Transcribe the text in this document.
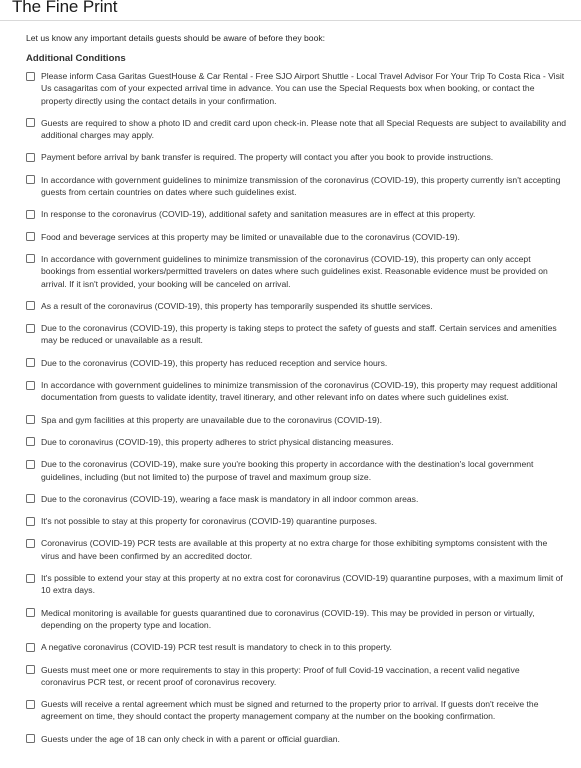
The Fine Print

Let us know any important details guests should be aware of before they book:

Additional Conditions
Please inform Casa Garitas GuestHouse & Car Rental - Free SJO Airport Shuttle - Local Travel Advisor For Your Trip To Costa Rica - Visit Us casagaritas com of your expected arrival time in advance. You can use the Special Requests box when booking, or contact the property directly using the contact details in your confirmation.
Guests are required to show a photo ID and credit card upon check-in. Please note that all Special Requests are subject to availability and additional charges may apply.
Payment before arrival by bank transfer is required. The property will contact you after you book to provide instructions.
In accordance with government guidelines to minimize transmission of the coronavirus (COVID-19), this property currently isn't accepting guests from certain countries on dates where such guidelines exist.
In response to the coronavirus (COVID-19), additional safety and sanitation measures are in effect at this property.
Food and beverage services at this property may be limited or unavailable due to the coronavirus (COVID-19).
In accordance with government guidelines to minimize transmission of the coronavirus (COVID-19), this property can only accept bookings from essential workers/permitted travelers on dates where such guidelines exist. Reasonable evidence must be provided on arrival. If it isn't provided, your booking will be canceled on arrival.
As a result of the coronavirus (COVID-19), this property has temporarily suspended its shuttle services.
Due to the coronavirus (COVID-19), this property is taking steps to protect the safety of guests and staff. Certain services and amenities may be reduced or unavailable as a result.
Due to the coronavirus (COVID-19), this property has reduced reception and service hours.
In accordance with government guidelines to minimize transmission of the coronavirus (COVID-19), this property may request additional documentation from guests to validate identity, travel itinerary, and other relevant info on dates where such guidelines exist.
Spa and gym facilities at this property are unavailable due to the coronavirus (COVID-19).
Due to coronavirus (COVID-19), this property adheres to strict physical distancing measures.
Due to the coronavirus (COVID-19), make sure you're booking this property in accordance with the destination's local government guidelines, including (but not limited to) the purpose of travel and maximum group size.
Due to the coronavirus (COVID-19), wearing a face mask is mandatory in all indoor common areas.
It's not possible to stay at this property for coronavirus (COVID-19) quarantine purposes.
Coronavirus (COVID-19) PCR tests are available at this property at no extra charge for those exhibiting symptoms consistent with the virus and have been confirmed by an accredited doctor.
It's possible to extend your stay at this property at no extra cost for coronavirus (COVID-19) quarantine purposes, with a maximum limit of 10 extra days.
Medical monitoring is available for guests quarantined due to coronavirus (COVID-19). This may be provided in person or virtually, depending on the property type and location.
A negative coronavirus (COVID-19) PCR test result is mandatory to check in to this property.
Guests must meet one or more requirements to stay in this property: Proof of full Covid-19 vaccination, a recent valid negative coronavirus PCR test, or recent proof of coronavirus recovery.
Guests will receive a rental agreement which must be signed and returned to the property prior to arrival. If guests don't receive the agreement on time, they should contact the property management company at the number on the booking confirmation.
Guests under the age of 18 can only check in with a parent or official guardian.
